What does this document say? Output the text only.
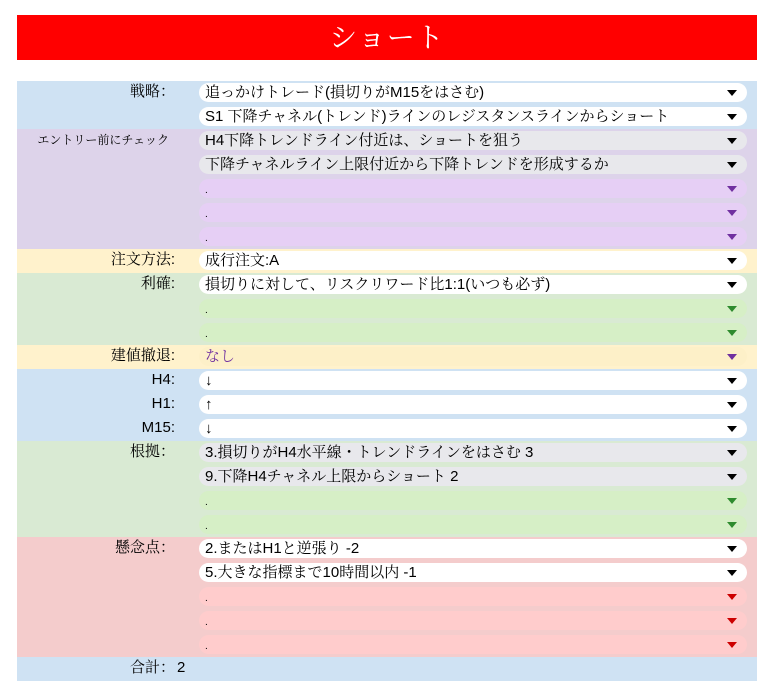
ショート
戦略：	追っかけトレード(損切りがM15をはさむ)
S1 下降チャネル(トレンド)ラインのレジスタンスラインからショート
エントリー前にチェック	H4下降トレンドライン付近は、ショートを狙う
下降チャネルライン上限付近から下降トレンドを形成するか
.
.
.
注文方法:	成行注文:A
利確:	損切りに対して、リスクリワード比1:1(いつも必ず)
.
.
建値撤退:	なし
H4:	↓
H1:	↑
M15:	↓
根拠：	3.損切りがH4水平線・トレンドラインをはさむ 3
9.下降H4チャネル上限からショート 2
.
.
懸念点：	2.またはH1と逆張り -2
5.大きな指標まで10時間以内 -1
.
.
.
合計： 2
